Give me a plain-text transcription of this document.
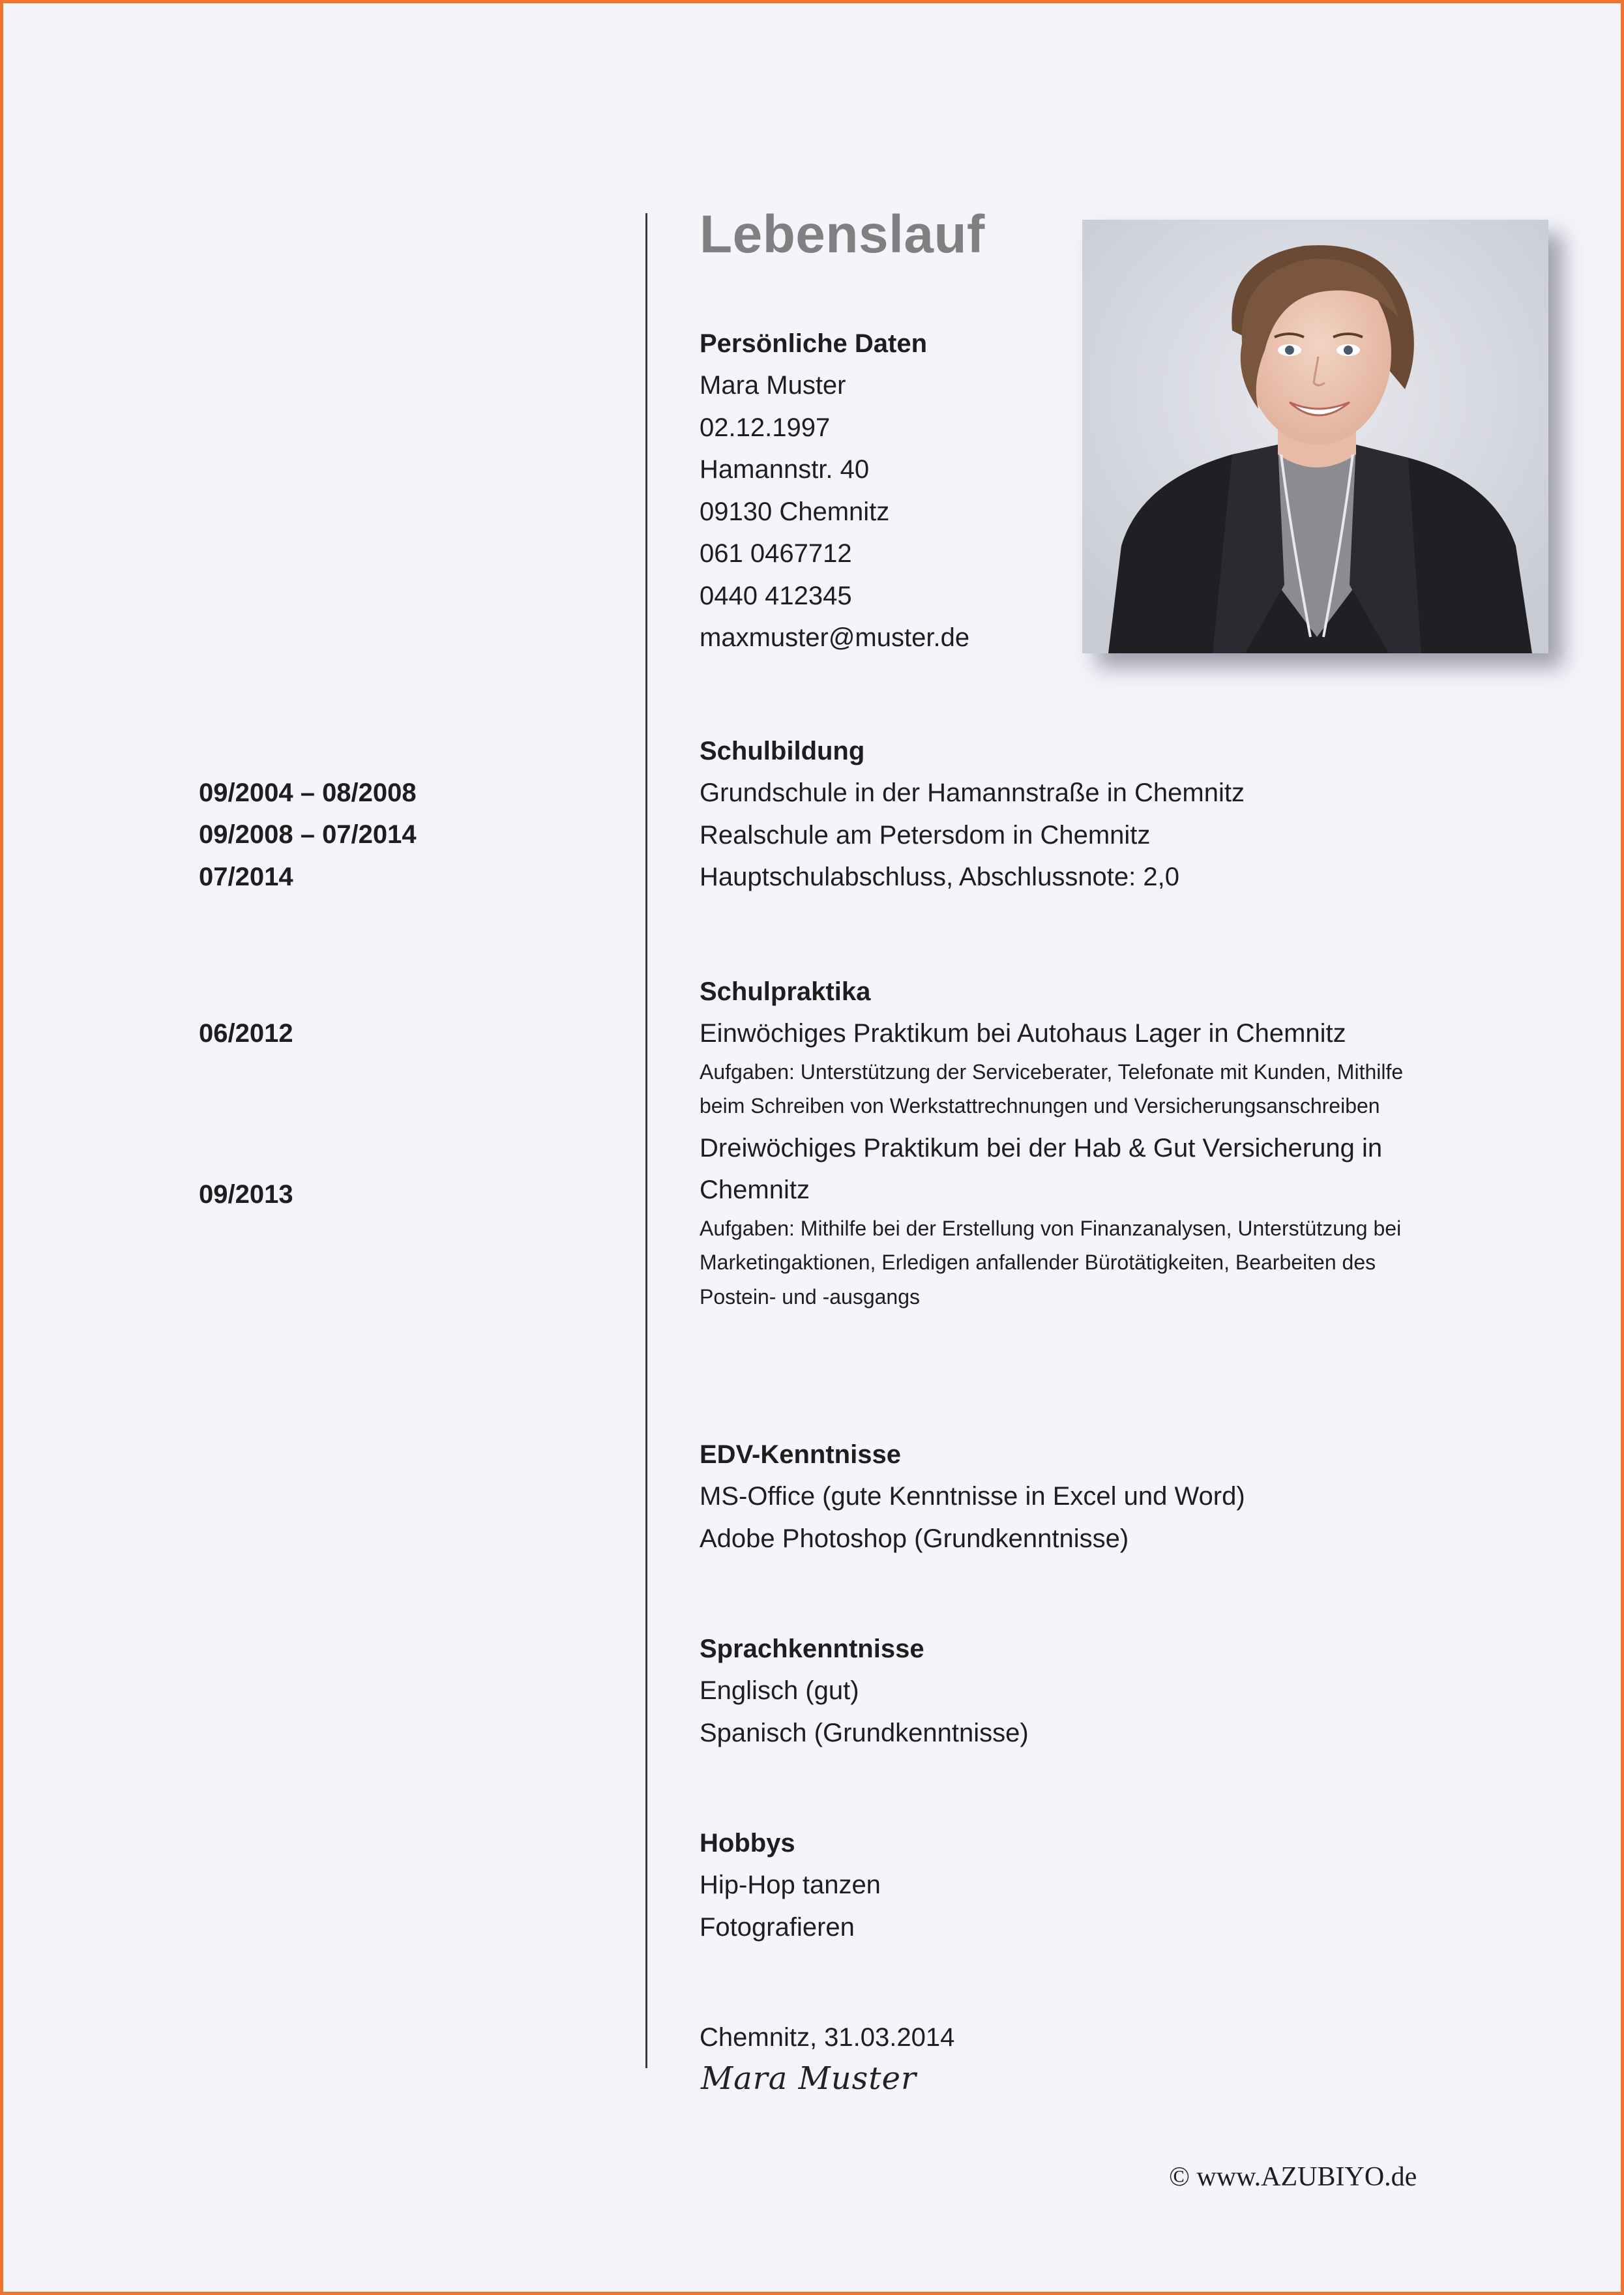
Lebenslauf
Persönliche Daten
Mara Muster
02.12.1997
Hamannstr. 40
09130 Chemnitz
061 0467712
0440 412345
maxmuster@muster.de
Schulbildung
Grundschule in der Hamannstraße in Chemnitz
Realschule am Petersdom in Chemnitz
Hauptschulabschluss, Abschlussnote: 2,0
09/2004 – 08/2008
09/2008 – 07/2014
07/2014
Schulpraktika
Einwöchiges Praktikum bei Autohaus Lager in Chemnitz
Aufgaben: Unterstützung der Serviceberater, Telefonate mit Kunden, Mithilfe beim Schreiben von Werkstattrechnungen und Versicherungsanschreiben
Dreiwöchiges Praktikum bei der Hab & Gut Versicherung in Chemnitz
Aufgaben: Mithilfe bei der Erstellung von Finanzanalysen, Unterstützung bei Marketingaktionen, Erledigen anfallender Bürotätigkeiten, Bearbeiten des Postein- und -ausgangs
06/2012
09/2013
EDV-Kenntnisse
MS-Office (gute Kenntnisse in Excel und Word)
Adobe Photoshop (Grundkenntnisse)
Sprachkenntnisse
Englisch (gut)
Spanisch (Grundkenntnisse)
Hobbys
Hip-Hop tanzen
Fotografieren
Chemnitz, 31.03.2014
Mara Muster
© www.AZUBIYO.de
